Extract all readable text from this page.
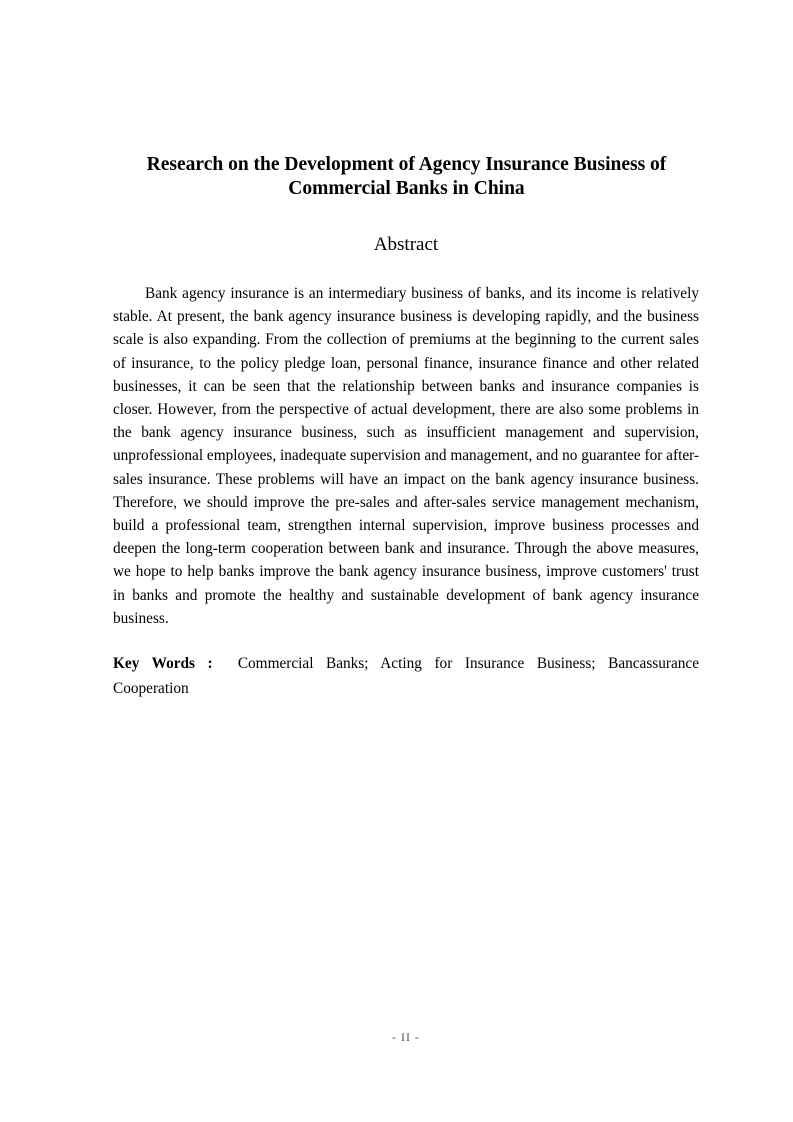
Research on the Development of Agency Insurance Business of Commercial Banks in China
Abstract

Bank agency insurance is an intermediary business of banks, and its income is relatively stable. At present, the bank agency insurance business is developing rapidly, and the business scale is also expanding. From the collection of premiums at the beginning to the current sales of insurance, to the policy pledge loan, personal finance, insurance finance and other related businesses, it can be seen that the relationship between banks and insurance companies is closer. However, from the perspective of actual development, there are also some problems in the bank agency insurance business, such as insufficient management and supervision, unprofessional employees, inadequate supervision and management, and no guarantee for after-sales insurance. These problems will have an impact on the bank agency insurance business. Therefore, we should improve the pre-sales and after-sales service management mechanism, build a professional team, strengthen internal supervision, improve business processes and deepen the long-term cooperation between bank and insurance. Through the above measures, we hope to help banks improve the bank agency insurance business, improve customers' trust in banks and promote the healthy and sustainable development of bank agency insurance business.

Key Words : Commercial Banks; Acting for Insurance Business; Bancassurance Cooperation

- II -
